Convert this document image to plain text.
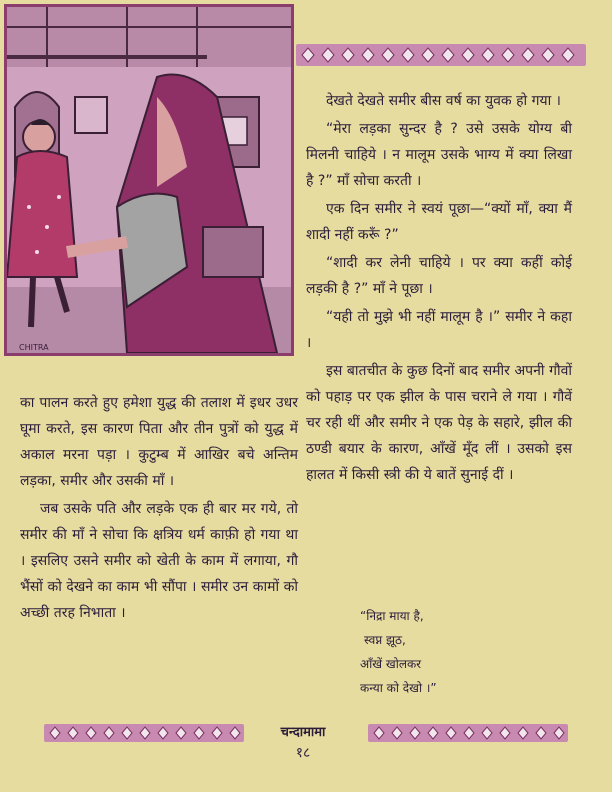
CHITRA

देखते देखते समीर बीस वर्ष का युवक हो गया ।

“मेरा लड़का सुन्दर है ? उसे उसके योग्य बी मिलनी चाहिये । न मालूम उसके भाग्य में क्या लिखा है ?” माँ सोचा करती ।

एक दिन समीर ने स्वयं पूछा—“क्यों माँ, क्या मैं शादी नहीं करूँ ?”

“शादी कर लेनी चाहिये । पर क्या कहीं कोई लड़की है ?” माँ ने पूछा ।

“यही तो मुझे भी नहीं मालूम है ।” समीर ने कहा ।

इस बातचीत के कुछ दिनों बाद समीर अपनी गौवों को पहाड़ पर एक झील के पास चराने ले गया । गौवें चर रही थीं और समीर ने एक पेड़ के सहारे, झील की ठण्डी बयार के कारण, आँखें मूँद लीं । उसको इस हालत में किसी स्त्री की ये बातें सुनाई दीं ।

का पालन करते हुए हमेशा युद्ध की तलाश में इधर उधर घूमा करते, इस कारण पिता और तीन पुत्रों को युद्ध में अकाल मरना पड़ा । कुटुम्ब में आखिर बचे अन्तिम लड़का, समीर और उसकी माँ ।

जब उसके पति और लड़के एक ही बार मर गये, तो समीर की माँ ने सोचा कि क्षत्रिय धर्म काफ़ी हो गया था । इसलिए उसने समीर को खेती के काम में लगाया, गौ भैंसों को देखने का काम भी सौंपा । समीर उन कामों को अच्छी तरह निभाता ।	“निद्रा माया है,
स्वप्न झूठ,
आँखें खोलकर
कन्या को देखो ।”
चन्दामामा
१८
